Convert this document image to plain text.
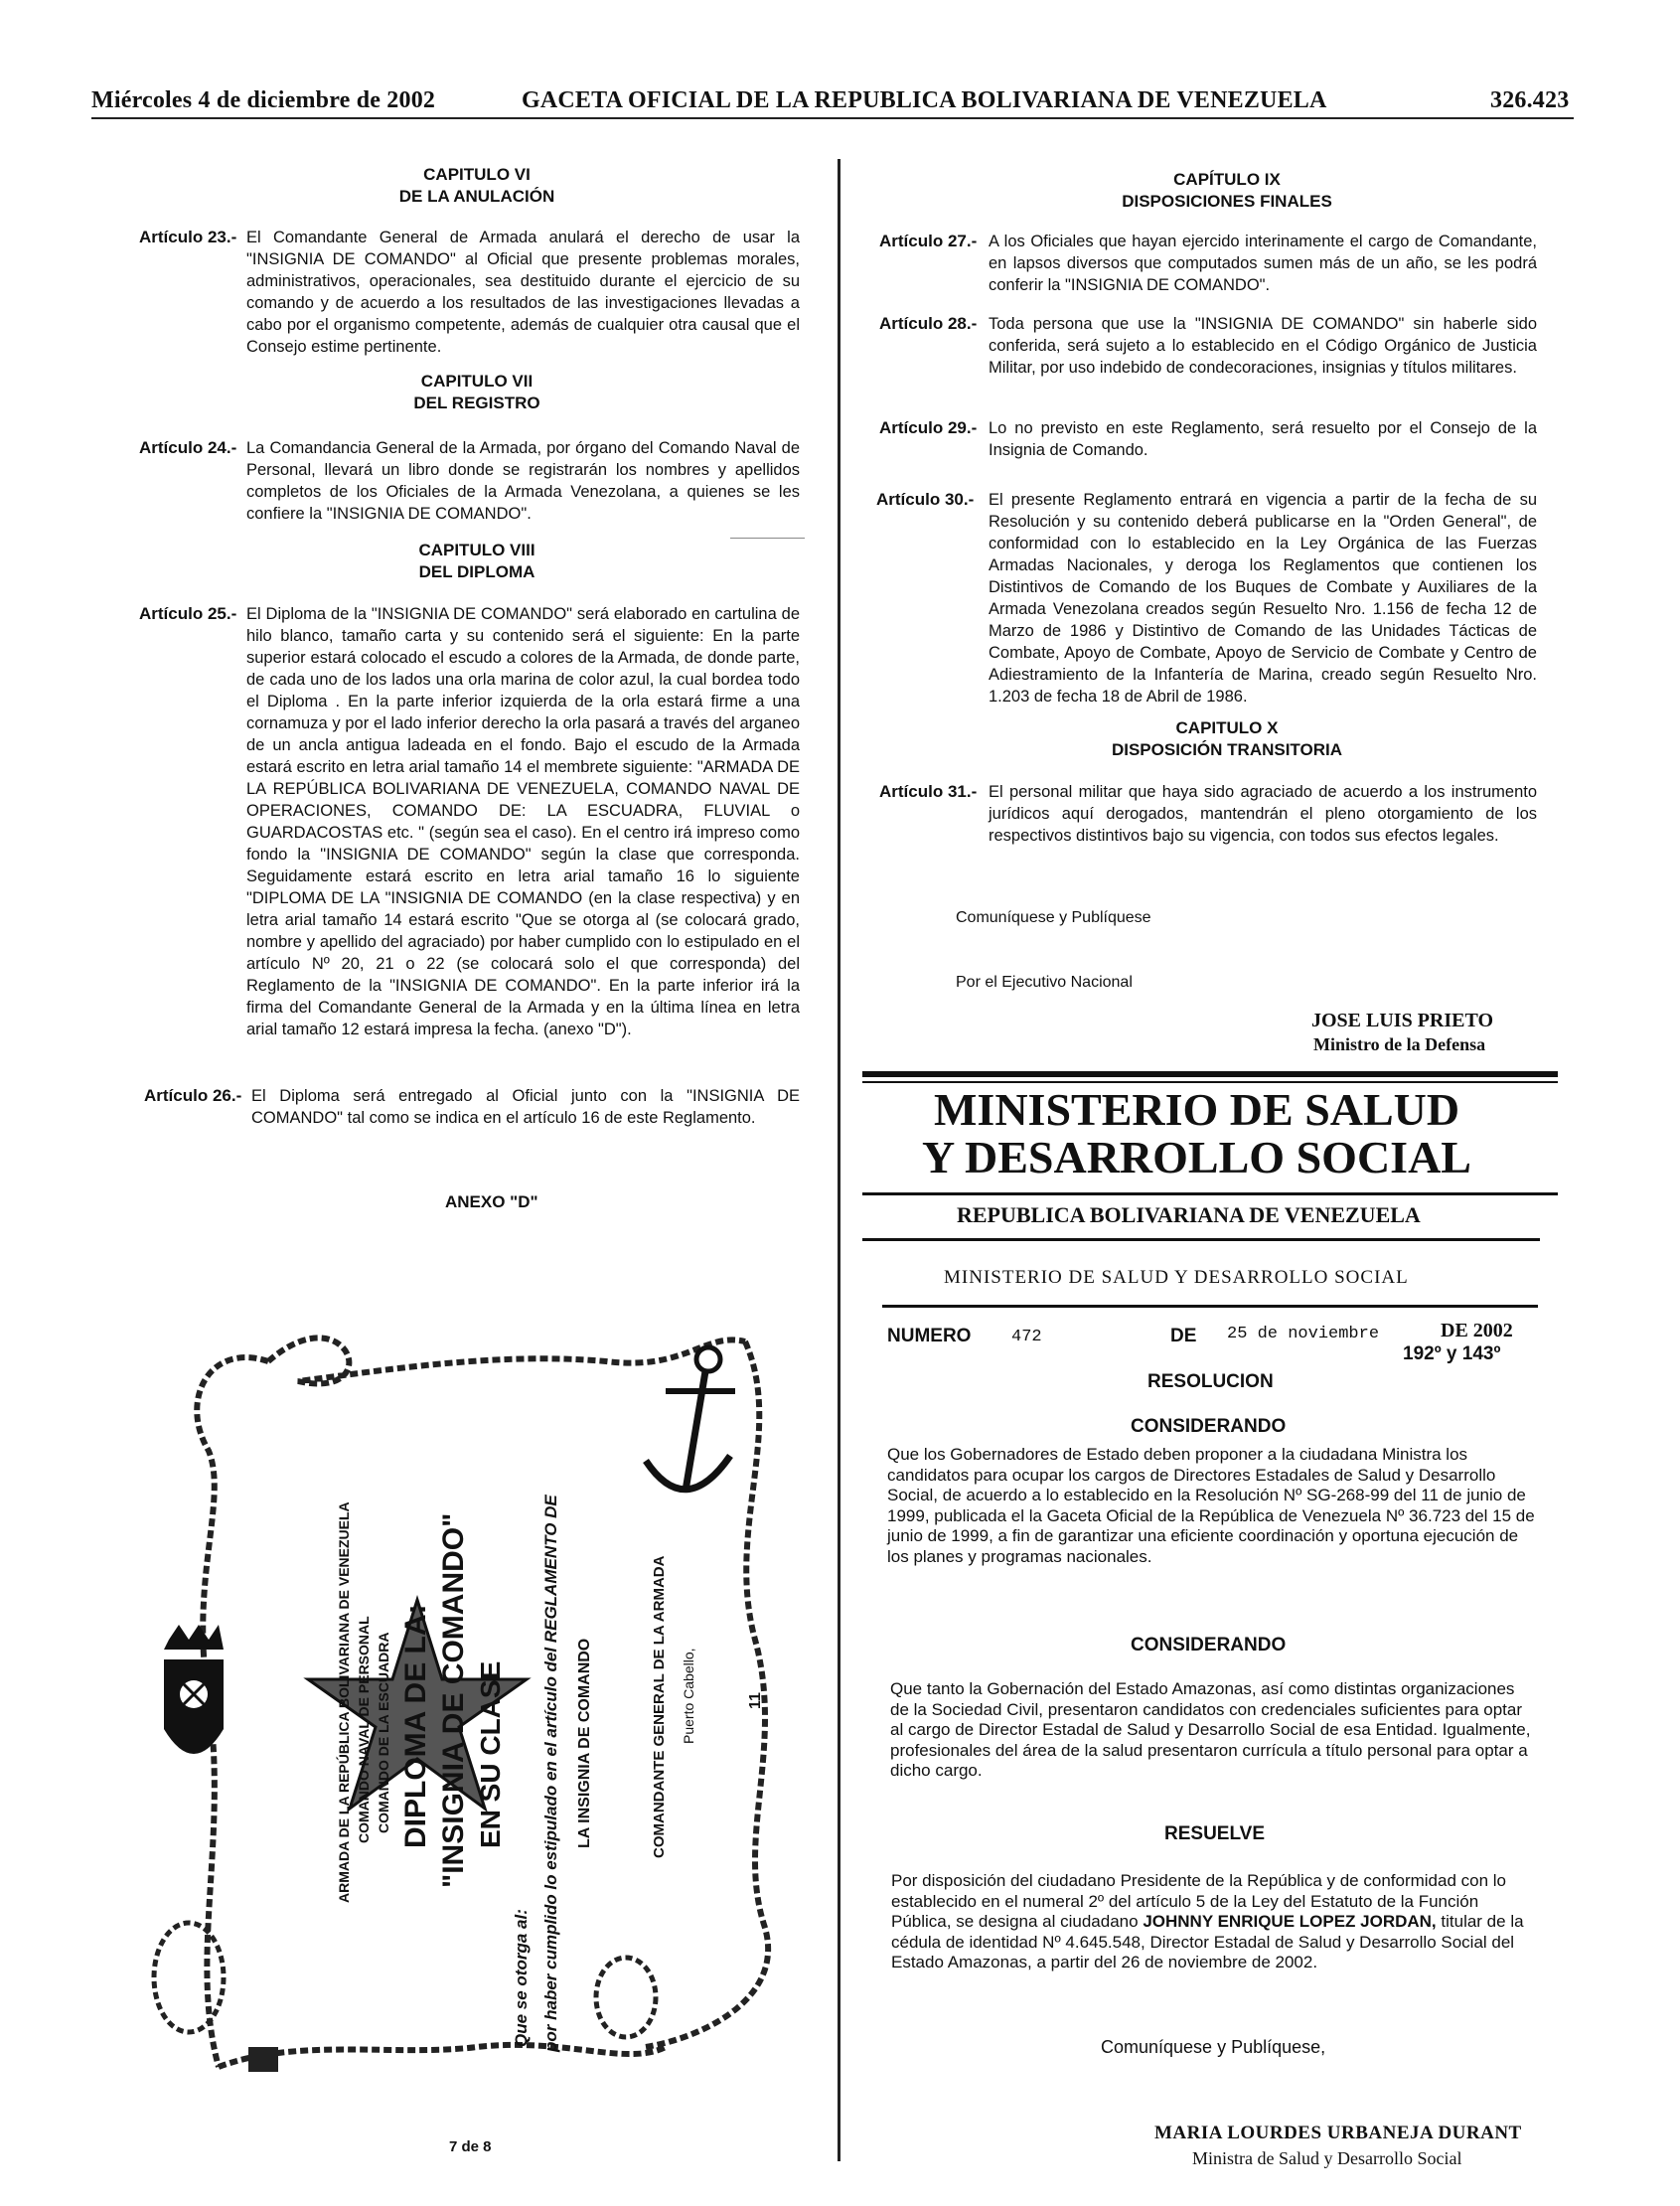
Miércoles 4 de diciembre de 2002	GACETA OFICIAL DE LA REPUBLICA BOLIVARIANA DE VENEZUELA	326.423
CAPITULO VI
DE LA ANULACIÓN
Artículo 23.- El Comandante General de Armada anulará el derecho de usar la "INSIGNIA DE COMANDO" al Oficial que presente problemas morales, administrativos, operacionales, sea destituido durante el ejercicio de su comando y de acuerdo a los resultados de las investigaciones llevadas a cabo por el organismo competente, además de cualquier otra causal que el Consejo estime pertinente.
CAPITULO VII
DEL REGISTRO
Artículo 24.- La Comandancia General de la Armada, por órgano del Comando Naval de Personal, llevará un libro donde se registrarán los nombres y apellidos completos de los Oficiales de la Armada Venezolana, a quienes se les confiere la "INSIGNIA DE COMANDO".
CAPITULO VIII
DEL DIPLOMA
Artículo 25.- El Diploma de la "INSIGNIA DE COMANDO" será elaborado en cartulina de hilo blanco, tamaño carta y su contenido será el siguiente: En la parte superior estará colocado el escudo a colores de la Armada, de donde parte, de cada uno de los lados una orla marina de color azul, la cual bordea todo el Diploma . En la parte inferior izquierda de la orla estará firme a una cornamuza y por el lado inferior derecho la orla pasará a través del arganeo de un ancla antigua ladeada en el fondo. Bajo el escudo de la Armada estará escrito en letra arial tamaño 14 el membrete siguiente: "ARMADA DE LA REPÚBLICA BOLIVARIANA DE VENEZUELA, COMANDO NAVAL DE OPERACIONES, COMANDO DE: LA ESCUADRA, FLUVIAL o GUARDACOSTAS etc. " (según sea el caso). En el centro irá impreso como fondo la "INSIGNIA DE COMANDO" según la clase que corresponda. Seguidamente estará escrito en letra arial tamaño 16 lo siguiente "DIPLOMA DE LA "INSIGNIA DE COMANDO (en la clase respectiva) y en letra arial tamaño 14 estará escrito "Que se otorga al (se colocará grado, nombre y apellido del agraciado) por haber cumplido con lo estipulado en el artículo Nº 20, 21 o 22 (se colocará solo el que corresponda) del Reglamento de la "INSIGNIA DE COMANDO". En la parte inferior irá la firma del Comandante General de la Armada y en la última línea en letra arial tamaño 12 estará impresa la fecha. (anexo "D").
Artículo 26.- El Diploma será entregado al Oficial junto con la "INSIGNIA DE COMANDO" tal como se indica en el artículo 16 de este Reglamento.
ANEXO "D"
ARMADA DE LA REPÚBLICA BOLIVARIANA DE VENEZUELA COMANDO NAVAL DE PERSONAL COMANDO DE LA ESCUADRA DIPLOMA DE LA: "INSIGNIA DE COMANDO" EN SU CLASE
Que se otorga al: por haber cumplido lo estipulado en el artículo del REGLAMENTO DE LA INSIGNIA DE COMANDO	COMANDANTE GENERAL DE LA ARMADA Puerto Cabello,	11
7 de 8
CAPÍTULO IX
DISPOSICIONES FINALES
Artículo 27.- A los Oficiales que hayan ejercido interinamente el cargo de Comandante, en lapsos diversos que computados sumen más de un año, se les podrá conferir la "INSIGNIA DE COMANDO".
Artículo 28.- Toda persona que use la "INSIGNIA DE COMANDO" sin haberle sido conferida, será sujeto a lo establecido en el Código Orgánico de Justicia Militar, por uso indebido de condecoraciones, insignias y títulos militares.
Artículo 29.- Lo no previsto en este Reglamento, será resuelto por el Consejo de la Insignia de Comando.
Artículo 30.- El presente Reglamento entrará en vigencia a partir de la fecha de su Resolución y su contenido deberá publicarse en la "Orden General", de conformidad con lo establecido en la Ley Orgánica de las Fuerzas Armadas Nacionales, y deroga los Reglamentos que contienen los Distintivos de Comando de los Buques de Combate y Auxiliares de la Armada Venezolana creados según Resuelto Nro. 1.156 de fecha 12 de Marzo de 1986 y Distintivo de Comando de las Unidades Tácticas de Combate, Apoyo de Combate, Apoyo de Servicio de Combate y Centro de Adiestramiento de la Infantería de Marina, creado según Resuelto Nro. 1.203 de fecha 18 de Abril de 1986.
CAPITULO X
DISPOSICIÓN TRANSITORIA
Artículo 31.- El personal militar que haya sido agraciado de acuerdo a los instrumento jurídicos aquí derogados, mantendrán el pleno otorgamiento de los respectivos distintivos bajo su vigencia, con todos sus efectos legales.
Comuníquese y Publíquese
Por el Ejecutivo Nacional
JOSE LUIS PRIETO
Ministro de la Defensa
MINISTERIO DE SALUD
Y DESARROLLO SOCIAL
REPUBLICA BOLIVARIANA DE VENEZUELA
MINISTERIO DE SALUD Y DESARROLLO SOCIAL
NUMERO 472	DE 25 de noviembre	DE 2002
192º y 143º
RESOLUCION
CONSIDERANDO
Que los Gobernadores de Estado deben proponer a la ciudadana Ministra los candidatos para ocupar los cargos de Directores Estadales de Salud y Desarrollo Social, de acuerdo a lo establecido en la Resolución Nº SG-268-99 del 11 de junio de 1999, publicada el la Gaceta Oficial de la República de Venezuela Nº 36.723 del 15 de junio de 1999, a fin de garantizar una eficiente coordinación y oportuna ejecución de los planes y programas nacionales.
CONSIDERANDO
Que tanto la Gobernación del Estado Amazonas, así como distintas organizaciones de la Sociedad Civil, presentaron candidatos con credenciales suficientes para optar al cargo de Director Estadal de Salud y Desarrollo Social de esa Entidad. Igualmente, profesionales del área de la salud presentaron currícula a título personal para optar a dicho cargo.
RESUELVE
Por disposición del ciudadano Presidente de la República y de conformidad con lo establecido en el numeral 2º del artículo 5 de la Ley del Estatuto de la Función Pública, se designa al ciudadano JOHNNY ENRIQUE LOPEZ JORDAN, titular de la cédula de identidad Nº 4.645.548, Director Estadal de Salud y Desarrollo Social del Estado Amazonas, a partir del 26 de noviembre de 2002.
Comuníquese y Publíquese,
MARIA LOURDES URBANEJA DURANT
Ministra de Salud y Desarrollo Social
